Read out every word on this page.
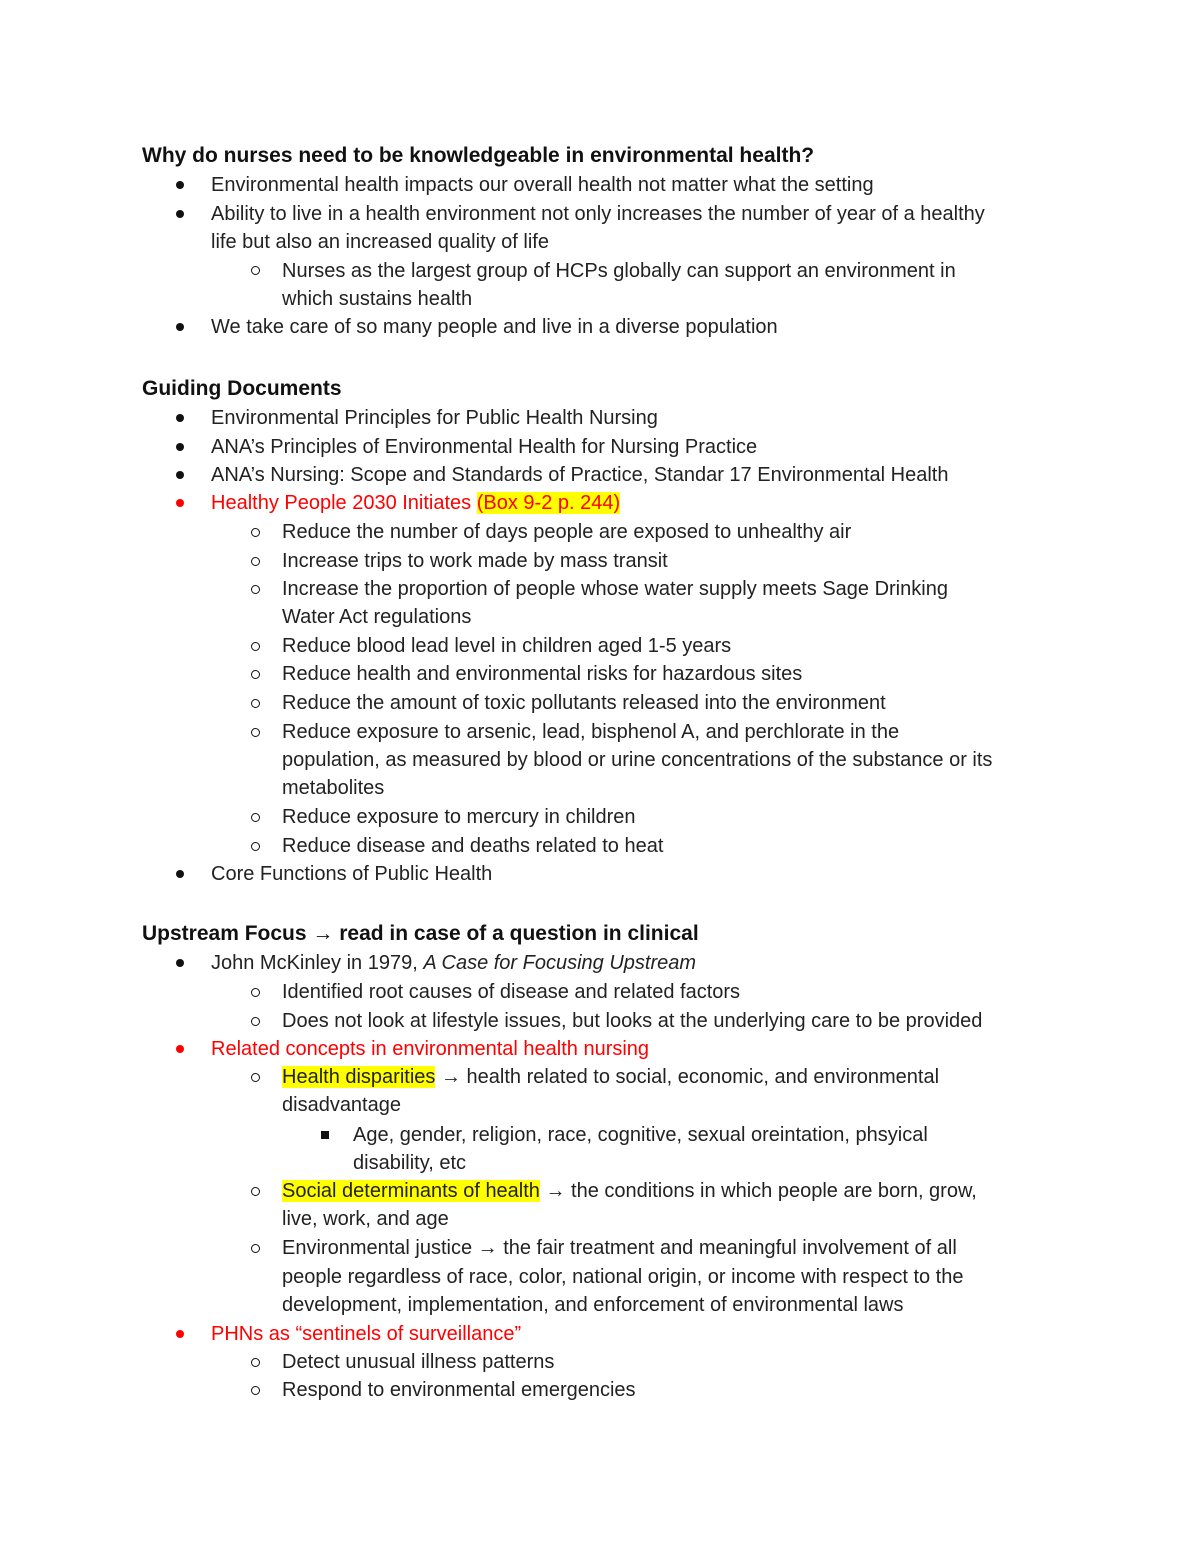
Why do nurses need to be knowledgeable in environmental health?
Environmental health impacts our overall health not matter what the setting
Ability to live in a health environment not only increases the number of year of a healthy
life but also an increased quality of life
Nurses as the largest group of HCPs globally can support an environment in
which sustains health
We take care of so many people and live in a diverse population
Guiding Documents
Environmental Principles for Public Health Nursing
ANA’s Principles of Environmental Health for Nursing Practice
ANA’s Nursing: Scope and Standards of Practice, Standar 17 Environmental Health
Healthy People 2030 Initiates (Box 9-2 p. 244)
Reduce the number of days people are exposed to unhealthy air
Increase trips to work made by mass transit
Increase the proportion of people whose water supply meets Sage Drinking
Water Act regulations
Reduce blood lead level in children aged 1-5 years
Reduce health and environmental risks for hazardous sites
Reduce the amount of toxic pollutants released into the environment
Reduce exposure to arsenic, lead, bisphenol A, and perchlorate in the
population, as measured by blood or urine concentrations of the substance or its
metabolites
Reduce exposure to mercury in children
Reduce disease and deaths related to heat
Core Functions of Public Health
Upstream Focus → read in case of a question in clinical
John McKinley in 1979, A Case for Focusing Upstream
Identified root causes of disease and related factors
Does not look at lifestyle issues, but looks at the underlying care to be provided
Related concepts in environmental health nursing
Health disparities → health related to social, economic, and environmental
disadvantage
Age, gender, religion, race, cognitive, sexual oreintation, phsyical
disability, etc
Social determinants of health → the conditions in which people are born, grow,
live, work, and age
Environmental justice → the fair treatment and meaningful involvement of all
people regardless of race, color, national origin, or income with respect to the
development, implementation, and enforcement of environmental laws
PHNs as “sentinels of surveillance”
Detect unusual illness patterns
Respond to environmental emergencies
